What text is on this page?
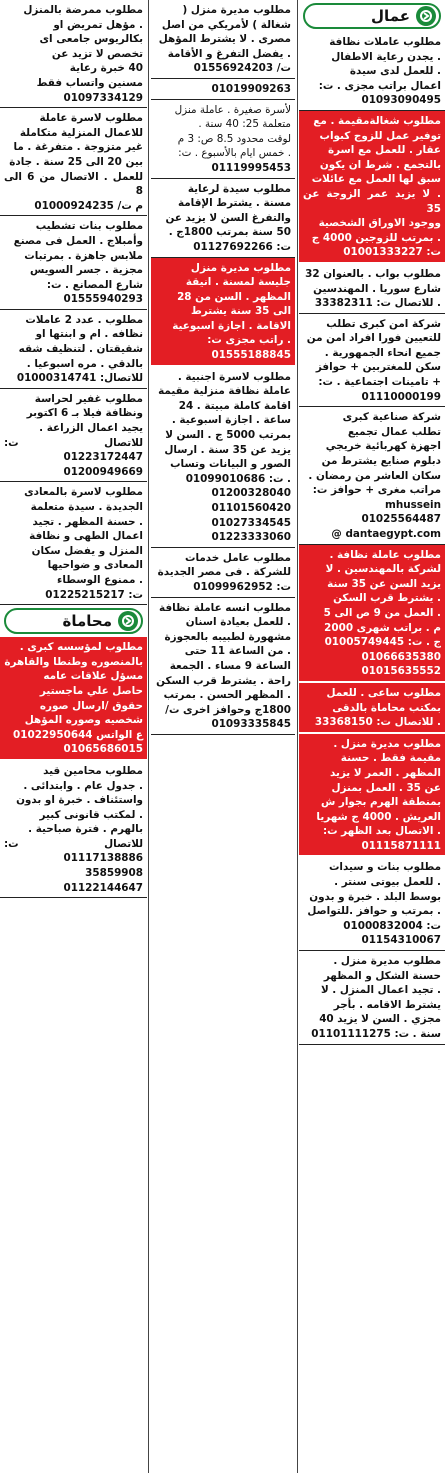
عمال
مطلوب عاملات نظافة
. يجدن رعاية الاطفال
. للعمل لدى سيدة
اعمال براتب مجزى . ت:
01093090495
مطلوب شغالةمقيمة . مع
توفير عمل للزوج كبواب
عقار . للعمل مع اسرة
بالتجمع . شرط ان يكون
سبق لها العمل مع عائلات
. لا يزيد عمر الزوجة عن 35
ووجود الاوراق الشخصية
. بمرتب للزوجين 4000 ج
ت: 01001333227
مطلوب بواب . بالعنوان 32
شارع سوريا . المهندسين
. للاتصال ت: 33382311
شركة امن كبرى تطلب
للتعيين فورا افراد امن من
جميع انحاء الجمهورية .
سكن للمغتربين + حوافز
+ تامينات اجتماعية . ت:
01110000199
شركة صناعية كبرى
تطلب عمال تجميع
اجهزة كهربائية خريجي
دبلوم صنايع يشترط من
سكان العاشر من رمضان .
مراتب مغرى + حوافز ت:
mhussein 01025564487
dantaegypt.com @
مطلوب عاملة نظافة .
لشركة بالمهندسين . لا
يزيد السن عن 35 سنة
. يشترط قرب السكن
. العمل من 9 ص الى 5
م . براتب شهرى 2000
ج . ت: 01005749445
01066635380
01015635552
مطلوب ساعى . للعمل
بمكتب محاماة بالدقى
. للاتصال ت: 33368150
مطلوب مديرة منزل .
مقيمة فقط . حسنة
المظهر . العمر لا يزيد
عن 35 . العمل بمنزل
بمنطقة الهرم بجوار ش
العريش . 4000 ج شهريا
. الاتصال بعد الظهر ت:
01115871111
مطلوب بنات و سيدات
. للعمل بيوتى سنتر .
بوسط البلد . خبرة و بدون
. بمرتب و حوافز .للتواصل
ت: 01000832004
01154310067
مطلوب مديرة منزل .
حسنة الشكل و المظهر
. تجيد اعمال المنزل . لا
يشترط الاقامه . بأجر
مجزي . السن لا يزيد 40
سنة . ت: 01101111275
مطلوب مديرة منزل (
شغالة ) لأمريكي من اصل
مصرى . لا يشترط المؤهل
. يفضل التفرغ و الأقامة
ت/ 01556924203
01019909263
لأسرة صغيرة . عاملة منزل
متعلمة 25: 40 سنة .
لوقت محدود 8.5 ص: 3 م
. خمس ايام بالأسبوع . ت:
01119995453
مطلوب سيدة لرعاية
مسنة . يشترط الإقامة
والتفرغ السن لا يزيد عن
50 سنة بمرتب 1800ج .
ت: 01127692266
مطلوب مديرة منزل
جليسة لمسنة . انيقة
المظهر . السن من 28
الى 35 سنة يشترط
الاقامة . اجازة اسبوعية
. راتب مجزى ت:
01555188845
مطلوب لاسرة اجنبية .
عاملة نظافة منزلية مقيمة
اقامة كاملة مبيتة . 24
ساعة . اجازة اسبوعية .
بمرتب 5000 ج . السن لا
يزيد عن 35 سنة . ارسال
الصور و البيانات وتساب
. ت: 01099010686
01200328040
01101560420
01027334545
01223333060
مطلوب عامل خدمات
للشركة . فى مصر الجديدة
ت: 01099962952
مطلوب انسه عاملة نظافة
. للعمل بعيادة اسنان
مشهورة لطبيبه بالعجوزة
. من الساعة 11 حتى
الساعة 9 مساء . الجمعة
راحة . يشترط قرب السكن
. المظهر الحسن . بمرتب
1800ج وحوافز اخرى ت/
01093335845
مطلوب ممرضة بالمنزل
. مؤهل تمريض او
بكالريوس جامعى اى
تخصص لا تزيد عن
40 خبرة رعاية
مسنين واتساب فقط
01097334129
مطلوب لاسرة عاملة
للاعمال المنزلية متكاملة
غير متزوجة . متفرغة . ما
بين 20 الى 25 سنة . جادة
للعمل . الاتصال من 6 الى 8
م ت/ 01000924235
مطلوب بنات تشطيب
وأمبلاج . العمل فى مصنع
ملابس جاهزة . بمرتبات
مجزية . جسر السويس
شارع المصانع . ت:
01555940293
مطلوب . عدد 2 عاملات
نظافه . ام و ابنتها او
شقيقتان . لتنظيف شقه
بالدقي . مره اسبوعيا .
للاتصال: 01000314741
مطلوب غفير لحراسة
ونظافة فيلا بـ 6 اكتوبر
يجيد اعمال الزراعة .
للاتصال ت: 01223172447
01200949669
مطلوب لاسرة بالمعادى
الجديدة . سيدة متعلمة
. حسنة المظهر . تجيد
اعمال الطهى و نظافة
المنزل و يفضل سكان
المعادى و ضواحيها
. ممنوع الوسطاء
ت: 01225215217
محاماة
مطلوب لمؤسسه كبرى .
بالمنصوره وطنطا والقاهرة
مسؤل علاقات عامه
حاصل علي ماجستير
حقوق /ارسال صوره
شخصيه وصوره المؤهل
ع الواتس 01022950644
01065686015
مطلوب محامين قيد
. جدول عام . وابتدائى .
واستئناف . خبرة او بدون
. لمكتب قانونى كبير
بالهرم . فترة صباحية .
للاتصال ت: 01117138886
35859908
01122144647
